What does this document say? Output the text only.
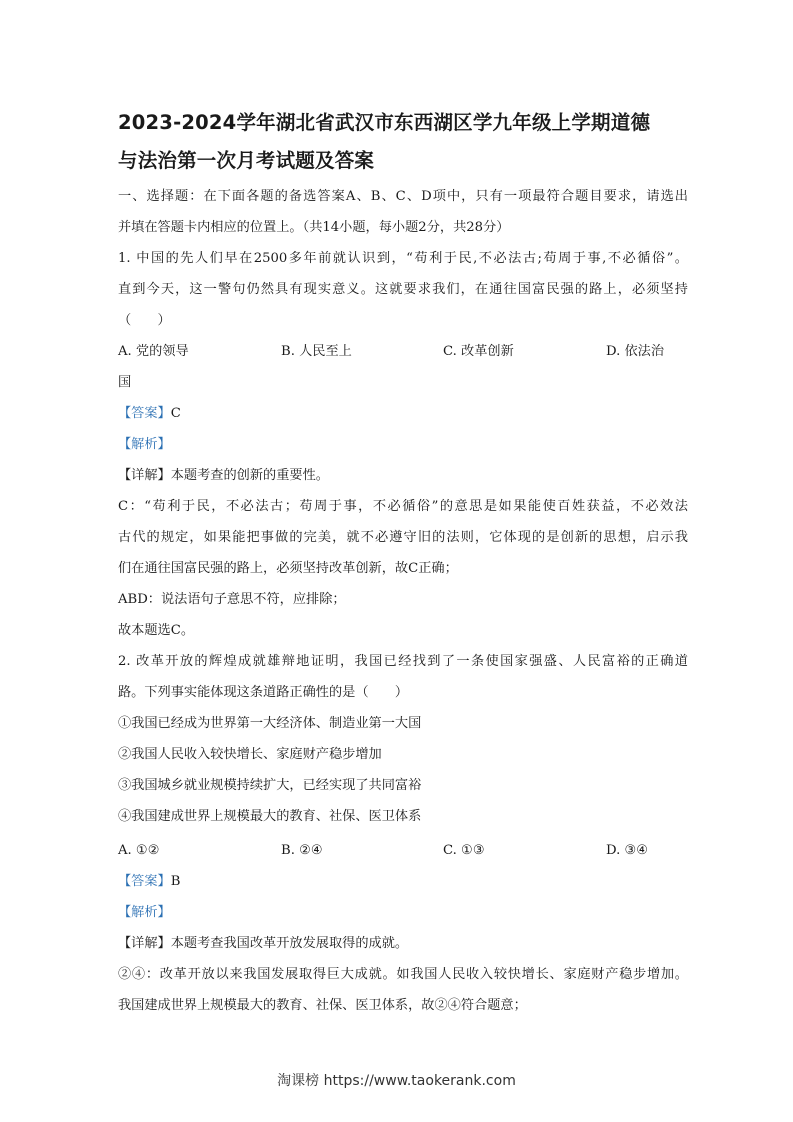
2023-2024学年湖北省武汉市东西湖区学九年级上学期道德
与法治第一次月考试题及答案

一、选择题：在下面各题的备选答案A、B、C、D项中，只有一项最符合题目要求，请选出

并填在答题卡内相应的位置上。（共14小题，每小题2分，共28分）

1. 中国的先人们早在2500多年前就认识到，“苟利于民,不必法古;苟周于事,不必循俗”。

直到今天，这一警句仍然具有现实意义。这就要求我们，在通往国富民强的路上，必须坚持

（　　）

A. 党的领导	B. 人民至上	C. 改革创新	D. 依法治

国

【答案】C

【解析】

【详解】本题考查的创新的重要性。

C：“苟利于民，不必法古；苟周于事，不必循俗”的意思是如果能使百姓获益，不必效法

古代的规定，如果能把事做的完美，就不必遵守旧的法则，它体现的是创新的思想，启示我

们在通往国富民强的路上，必须坚持改革创新，故C正确；

ABD：说法语句子意思不符，应排除；

故本题选C。

2. 改革开放的辉煌成就雄辩地证明，我国已经找到了一条使国家强盛、人民富裕的正确道

路。下列事实能体现这条道路正确性的是（　　）

①我国已经成为世界第一大经济体、制造业第一大国

②我国人民收入较快增长、家庭财产稳步增加

③我国城乡就业规模持续扩大，已经实现了共同富裕

④我国建成世界上规模最大的教育、社保、医卫体系

A. ①②	B. ②④	C. ①③	D. ③④

【答案】B

【解析】

【详解】本题考查我国改革开放发展取得的成就。

②④：改革开放以来我国发展取得巨大成就。如我国人民收入较快增长、家庭财产稳步增加。

我国建成世界上规模最大的教育、社保、医卫体系，故②④符合题意；

淘课榜 https://www.taokerank.com
